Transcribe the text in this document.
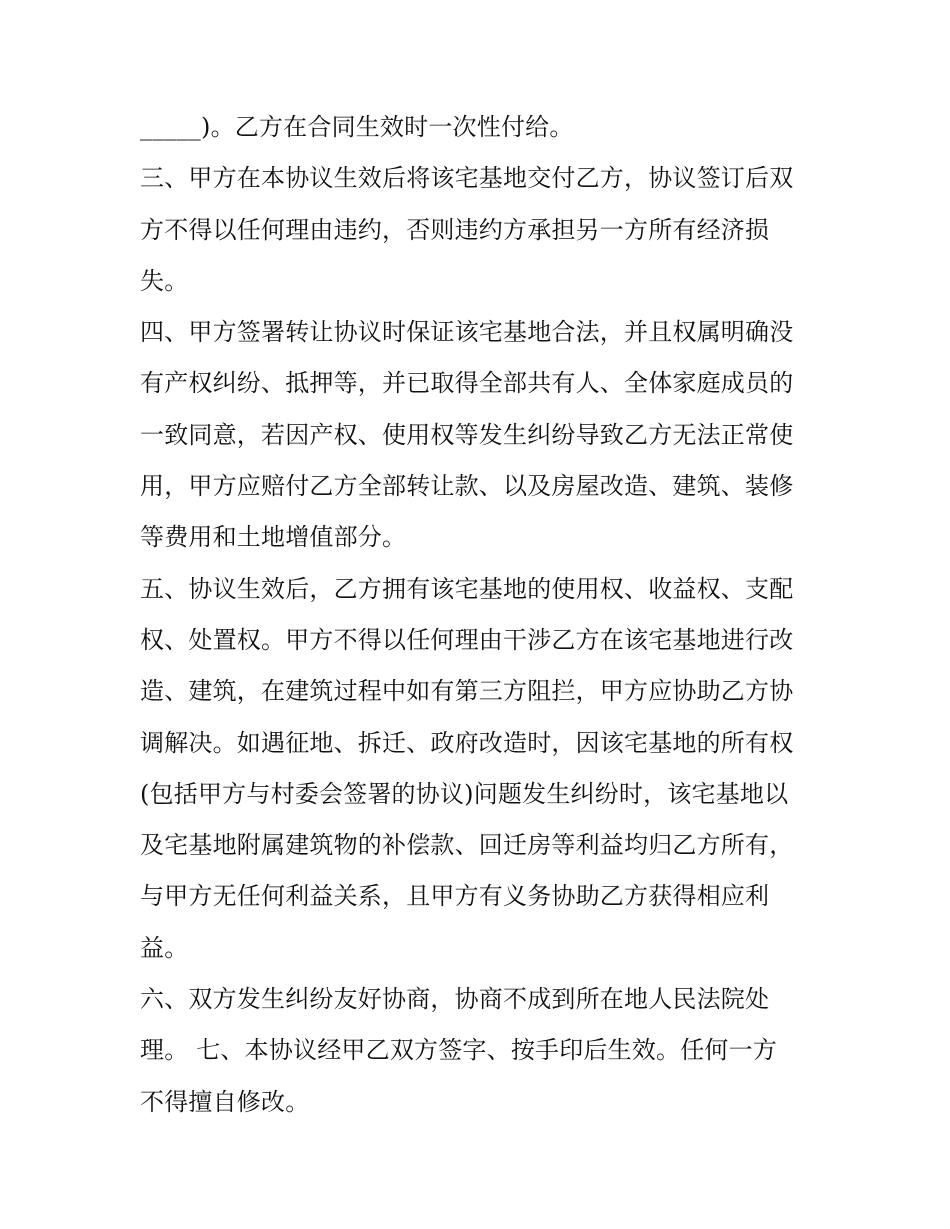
_____)。乙方在合同生效时一次性付给。
三、甲方在本协议生效后将该宅基地交付乙方，协议签订后双
方不得以任何理由违约，否则违约方承担另一方所有经济损
失。
四、甲方签署转让协议时保证该宅基地合法，并且权属明确没
有产权纠纷、抵押等，并已取得全部共有人、全体家庭成员的
一致同意，若因产权、使用权等发生纠纷导致乙方无法正常使
用，甲方应赔付乙方全部转让款、以及房屋改造、建筑、装修
等费用和土地增值部分。
五、协议生效后，乙方拥有该宅基地的使用权、收益权、支配
权、处置权。甲方不得以任何理由干涉乙方在该宅基地进行改
造、建筑，在建筑过程中如有第三方阻拦，甲方应协助乙方协
调解决。如遇征地、拆迁、政府改造时，因该宅基地的所有权
(包括甲方与村委会签署的协议)问题发生纠纷时，该宅基地以
及宅基地附属建筑物的补偿款、回迁房等利益均归乙方所有，
与甲方无任何利益关系，且甲方有义务协助乙方获得相应利
益。
六、双方发生纠纷友好协商，协商不成到所在地人民法院处
理。 七、本协议经甲乙双方签字、按手印后生效。任何一方
不得擅自修改。
